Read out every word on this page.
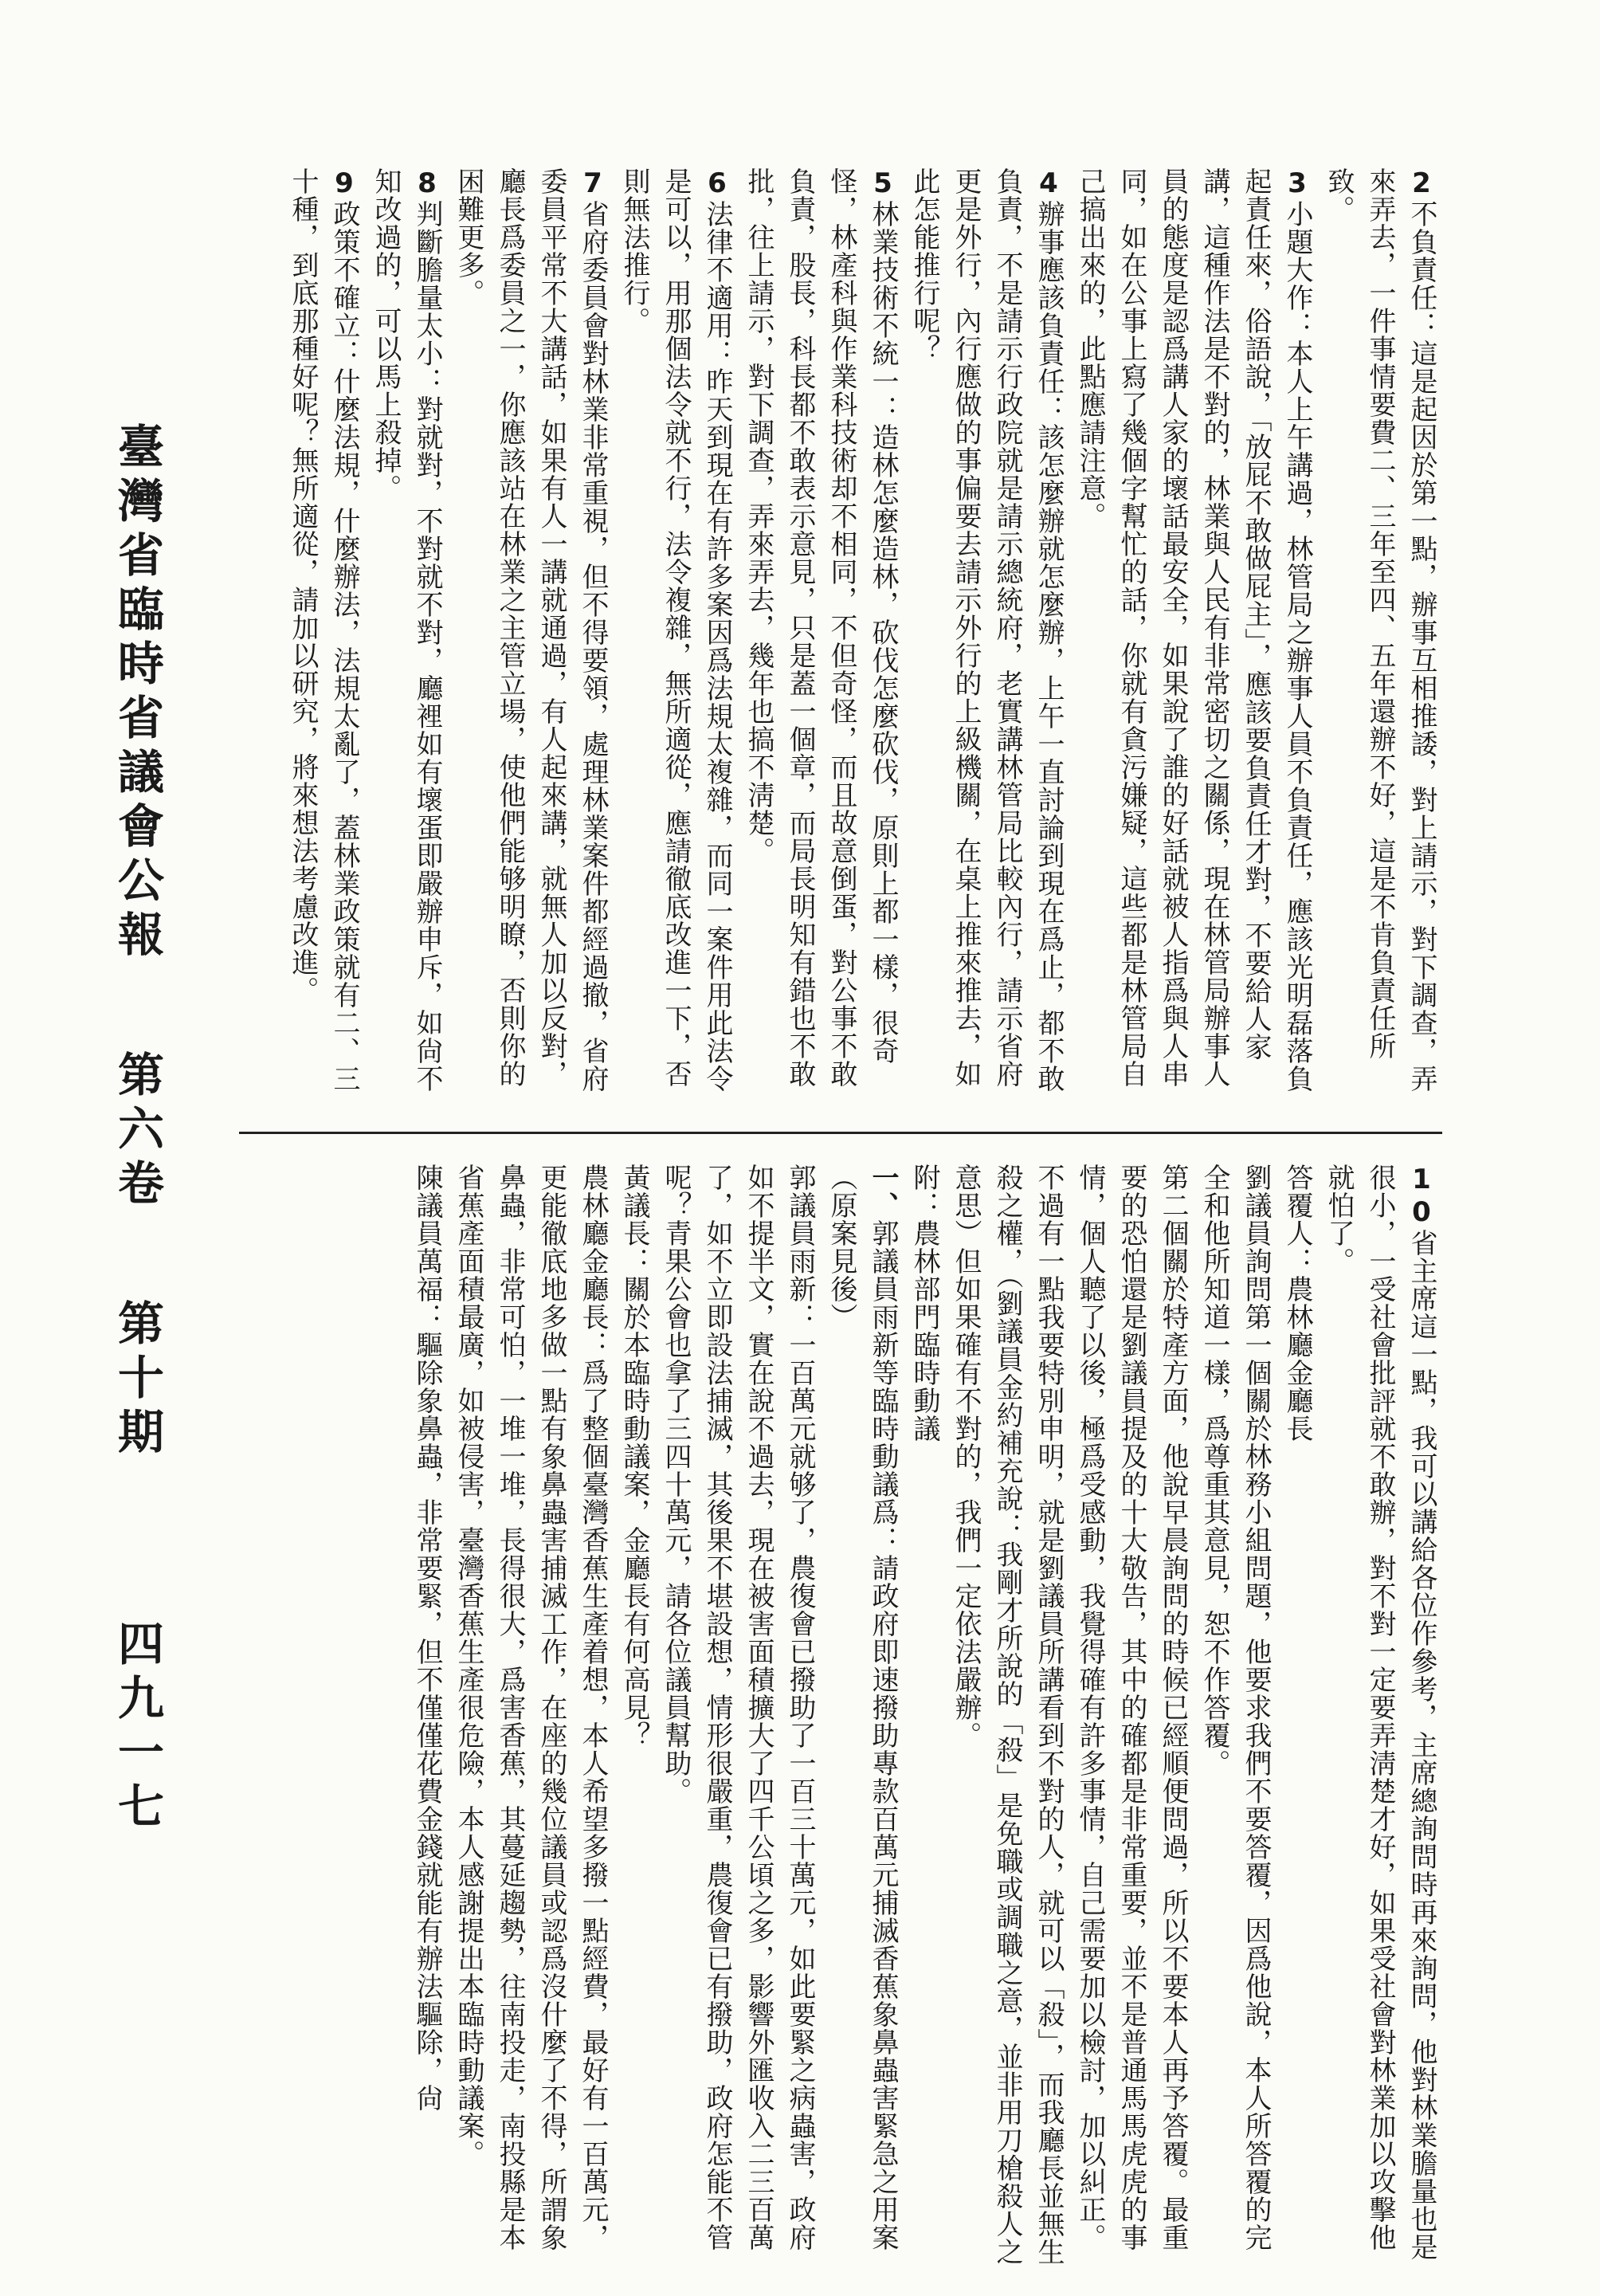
2不負責任：這是起因於第一點，辦事互相推諉，對上請示，對下調查，弄來弄去，一件事情要費二、三年至四、五年還辦不好，這是不肯負責任所致。
3小題大作：本人上午講過，林管局之辦事人員不負責任，應該光明磊落負起責任來，俗語說，「放屁不敢做屁主」，應該要負責任才對，不要給人家講，這種作法是不對的，林業與人民有非常密切之關係，現在林管局辦事人員的態度是認爲講人家的壞話最安全，如果說了誰的好話就被人指爲與人串同，如在公事上寫了幾個字幫忙的話，你就有貪污嫌疑，這些都是林管局自己搞出來的，此點應請注意。
4辦事應該負責任：該怎麼辦就怎麼辦，上午一直討論到現在爲止，都不敢負責，不是請示行政院就是請示總統府，老實講林管局比較內行，請示省府更是外行，內行應做的事偏要去請示外行的上級機關，在桌上推來推去，如此怎能推行呢？
5林業技術不統一：造林怎麼造林，砍伐怎麼砍伐，原則上都一樣，很奇怪，林產科與作業科技術却不相同，不但奇怪，而且故意倒蛋，對公事不敢負責，股長，科長都不敢表示意見，只是蓋一個章，而局長明知有錯也不敢批，往上請示，對下調查，弄來弄去，幾年也搞不淸楚。
6法律不適用：昨天到現在有許多案因爲法規太複雜，而同一案件用此法令是可以，用那個法令就不行，法令複雜，無所適從，應請徹底改進一下，否則無法推行。
7省府委員會對林業非常重視，但不得要領，處理林業案件都經過撤，省府委員平常不大講話，如果有人一講就通過，有人起來講，就無人加以反對，廳長爲委員之一，你應該站在林業之主管立場，使他們能够明瞭，否則你的困難更多。
8判斷膽量太小：對就對，不對就不對，廳裡如有壞蛋即嚴辦申斥，如尙不知改過的，可以馬上殺掉。
9政策不確立：什麼法規，什麼辦法，法規太亂了，蓋林業政策就有二、三十種，到底那種好呢？無所適從，請加以研究，將來想法考慮改進。
10省主席這一點，我可以講給各位作參考，主席總詢問時再來詢問，他對林業膽量也是很小，一受社會批評就不敢辦，對不對一定要弄淸楚才好，如果受社會對林業加以攻擊他就怕了。
答覆人：農林廳金廳長
劉議員詢問第一個關於林務小組問題，他要求我們不要答覆，因爲他說，本人所答覆的完全和他所知道一樣，爲尊重其意見，恕不作答覆。
第二個關於特產方面，他說早晨詢問的時候已經順便問過，所以不要本人再予答覆。最重要的恐怕還是劉議員提及的十大敬告，其中的確都是非常重要，並不是普通馬馬虎虎的事情，個人聽了以後，極爲受感動，我覺得確有許多事情，自己需要加以檢討，加以糾正。不過有一點我要特別申明，就是劉議員所講看到不對的人，就可以「殺」，而我廳長並無生殺之權，（劉議員金約補充說：我剛才所說的「殺」是免職或調職之意，並非用刀槍殺人之意思）但如果確有不對的，我們一定依法嚴辦。
附：農林部門臨時動議
一、郭議員雨新等臨時動議爲：請政府即速撥助專款百萬元捕滅香蕉象鼻蟲害緊急之用案（原案見後）
郭議員雨新：一百萬元就够了，農復會已撥助了一百三十萬元，如此要緊之病蟲害，政府如不提半文，實在說不過去，現在被害面積擴大了四千公頃之多，影響外匯收入二三百萬了，如不立即設法捕滅，其後果不堪設想，情形很嚴重，農復會已有撥助，政府怎能不管呢？青果公會也拿了三四十萬元，請各位議員幫助。
黃議長：關於本臨時動議案，金廳長有何高見？
農林廳金廳長：爲了整個臺灣香蕉生產着想，本人希望多撥一點經費，最好有一百萬元，更能徹底地多做一點有象鼻蟲害捕滅工作，在座的幾位議員或認爲沒什麼了不得，所謂象鼻蟲，非常可怕，一堆一堆，長得很大，爲害香蕉，其蔓延趨勢，往南投走，南投縣是本省蕉產面積最廣，如被侵害，臺灣香蕉生產很危險，本人感謝提出本臨時動議案。
陳議員萬福：驅除象鼻蟲，非常要緊，但不僅僅花費金錢就能有辦法驅除，尙
臺灣省臨時省議會公報 第六卷 第十期 四九一七
